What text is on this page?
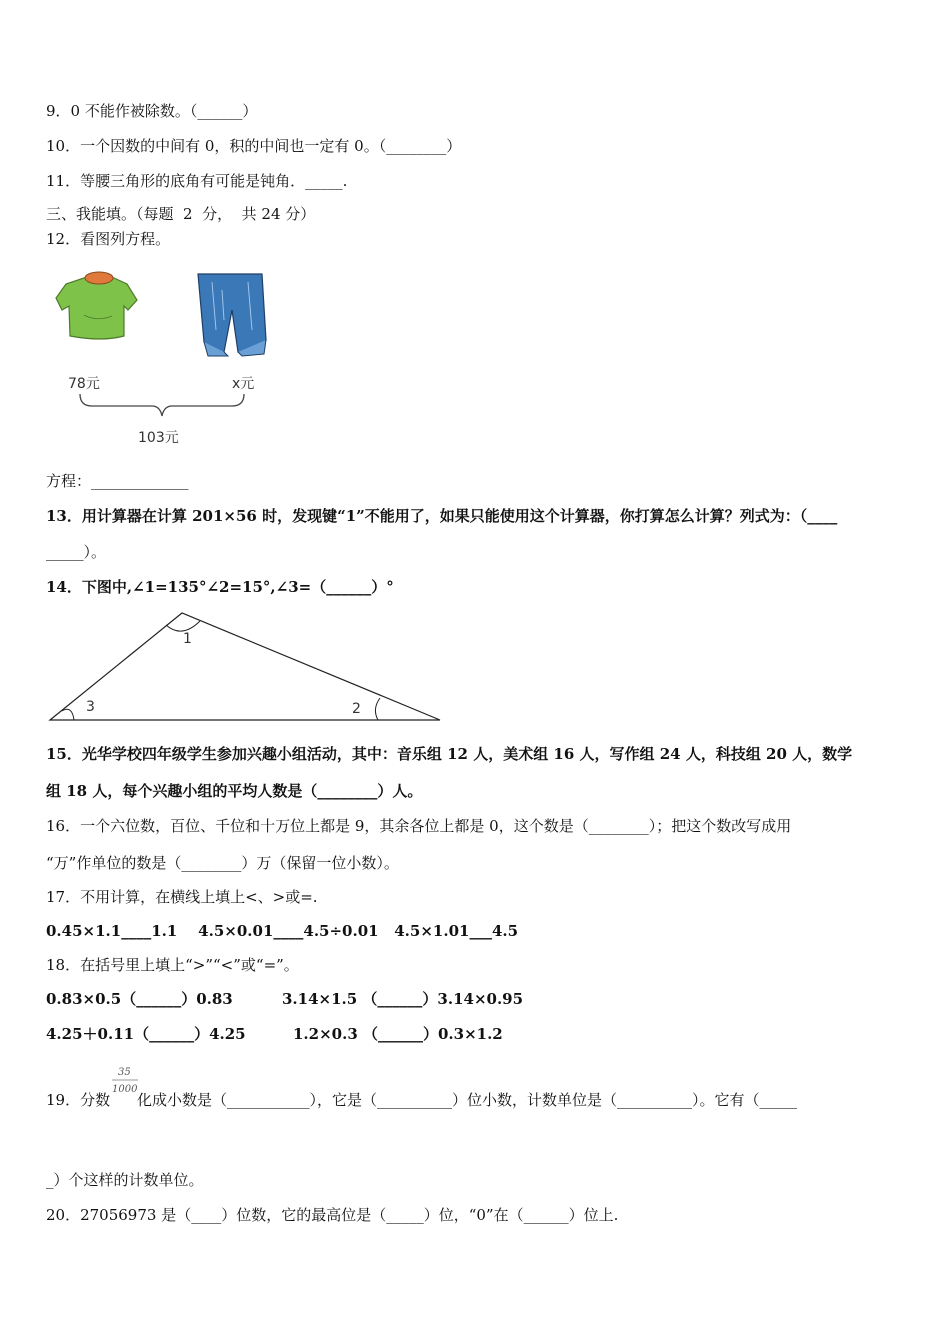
9．0 不能作被除数。（______）
10．一个因数的中间有 0，积的中间也一定有 0。（________）
11．等腰三角形的底角有可能是钝角．_____.
三、我能填。（每题  2  分，  共 24 分）
12．看图列方程。
78元	x元
103元
方程：_____________
13．用计算器在计算 201×56 时，发现键“1”不能用了，如果只能使用这个计算器，你打算怎么计算？列式为：（____
_____）。
14．下图中,∠1=135°∠2=15°,∠3=（______）°
1
2
3
15．光华学校四年级学生参加兴趣小组活动，其中：音乐组 12 人，美术组 16 人，写作组 24 人，科技组 20 人，数学
组 18 人，每个兴趣小组的平均人数是（________）人。
16．一个六位数，百位、千位和十万位上都是 9，其余各位上都是 0，这个数是（________）；把这个数改写成用
“万”作单位的数是（________）万（保留一位小数）。
17．不用计算，在横线上填上<、>或=.
0.45×1.1____1.1    4.5×0.01____4.5÷0.01   4.5×1.01___4.5
18．在括号里上填上“>”“<”或“=”。
0.83×0.5（______）0.83	3.14×1.5 （______）3.14×0.95
4.25＋0.11（______）4.25	1.2×0.3 （______）0.3×1.2
19．分数
35
1000
化成小数是（___________），它是（__________）位小数，计数单位是（__________）。它有（_____
_）个这样的计数单位。
20．27056973 是（____）位数，它的最高位是（_____）位，“0”在（______）位上.
